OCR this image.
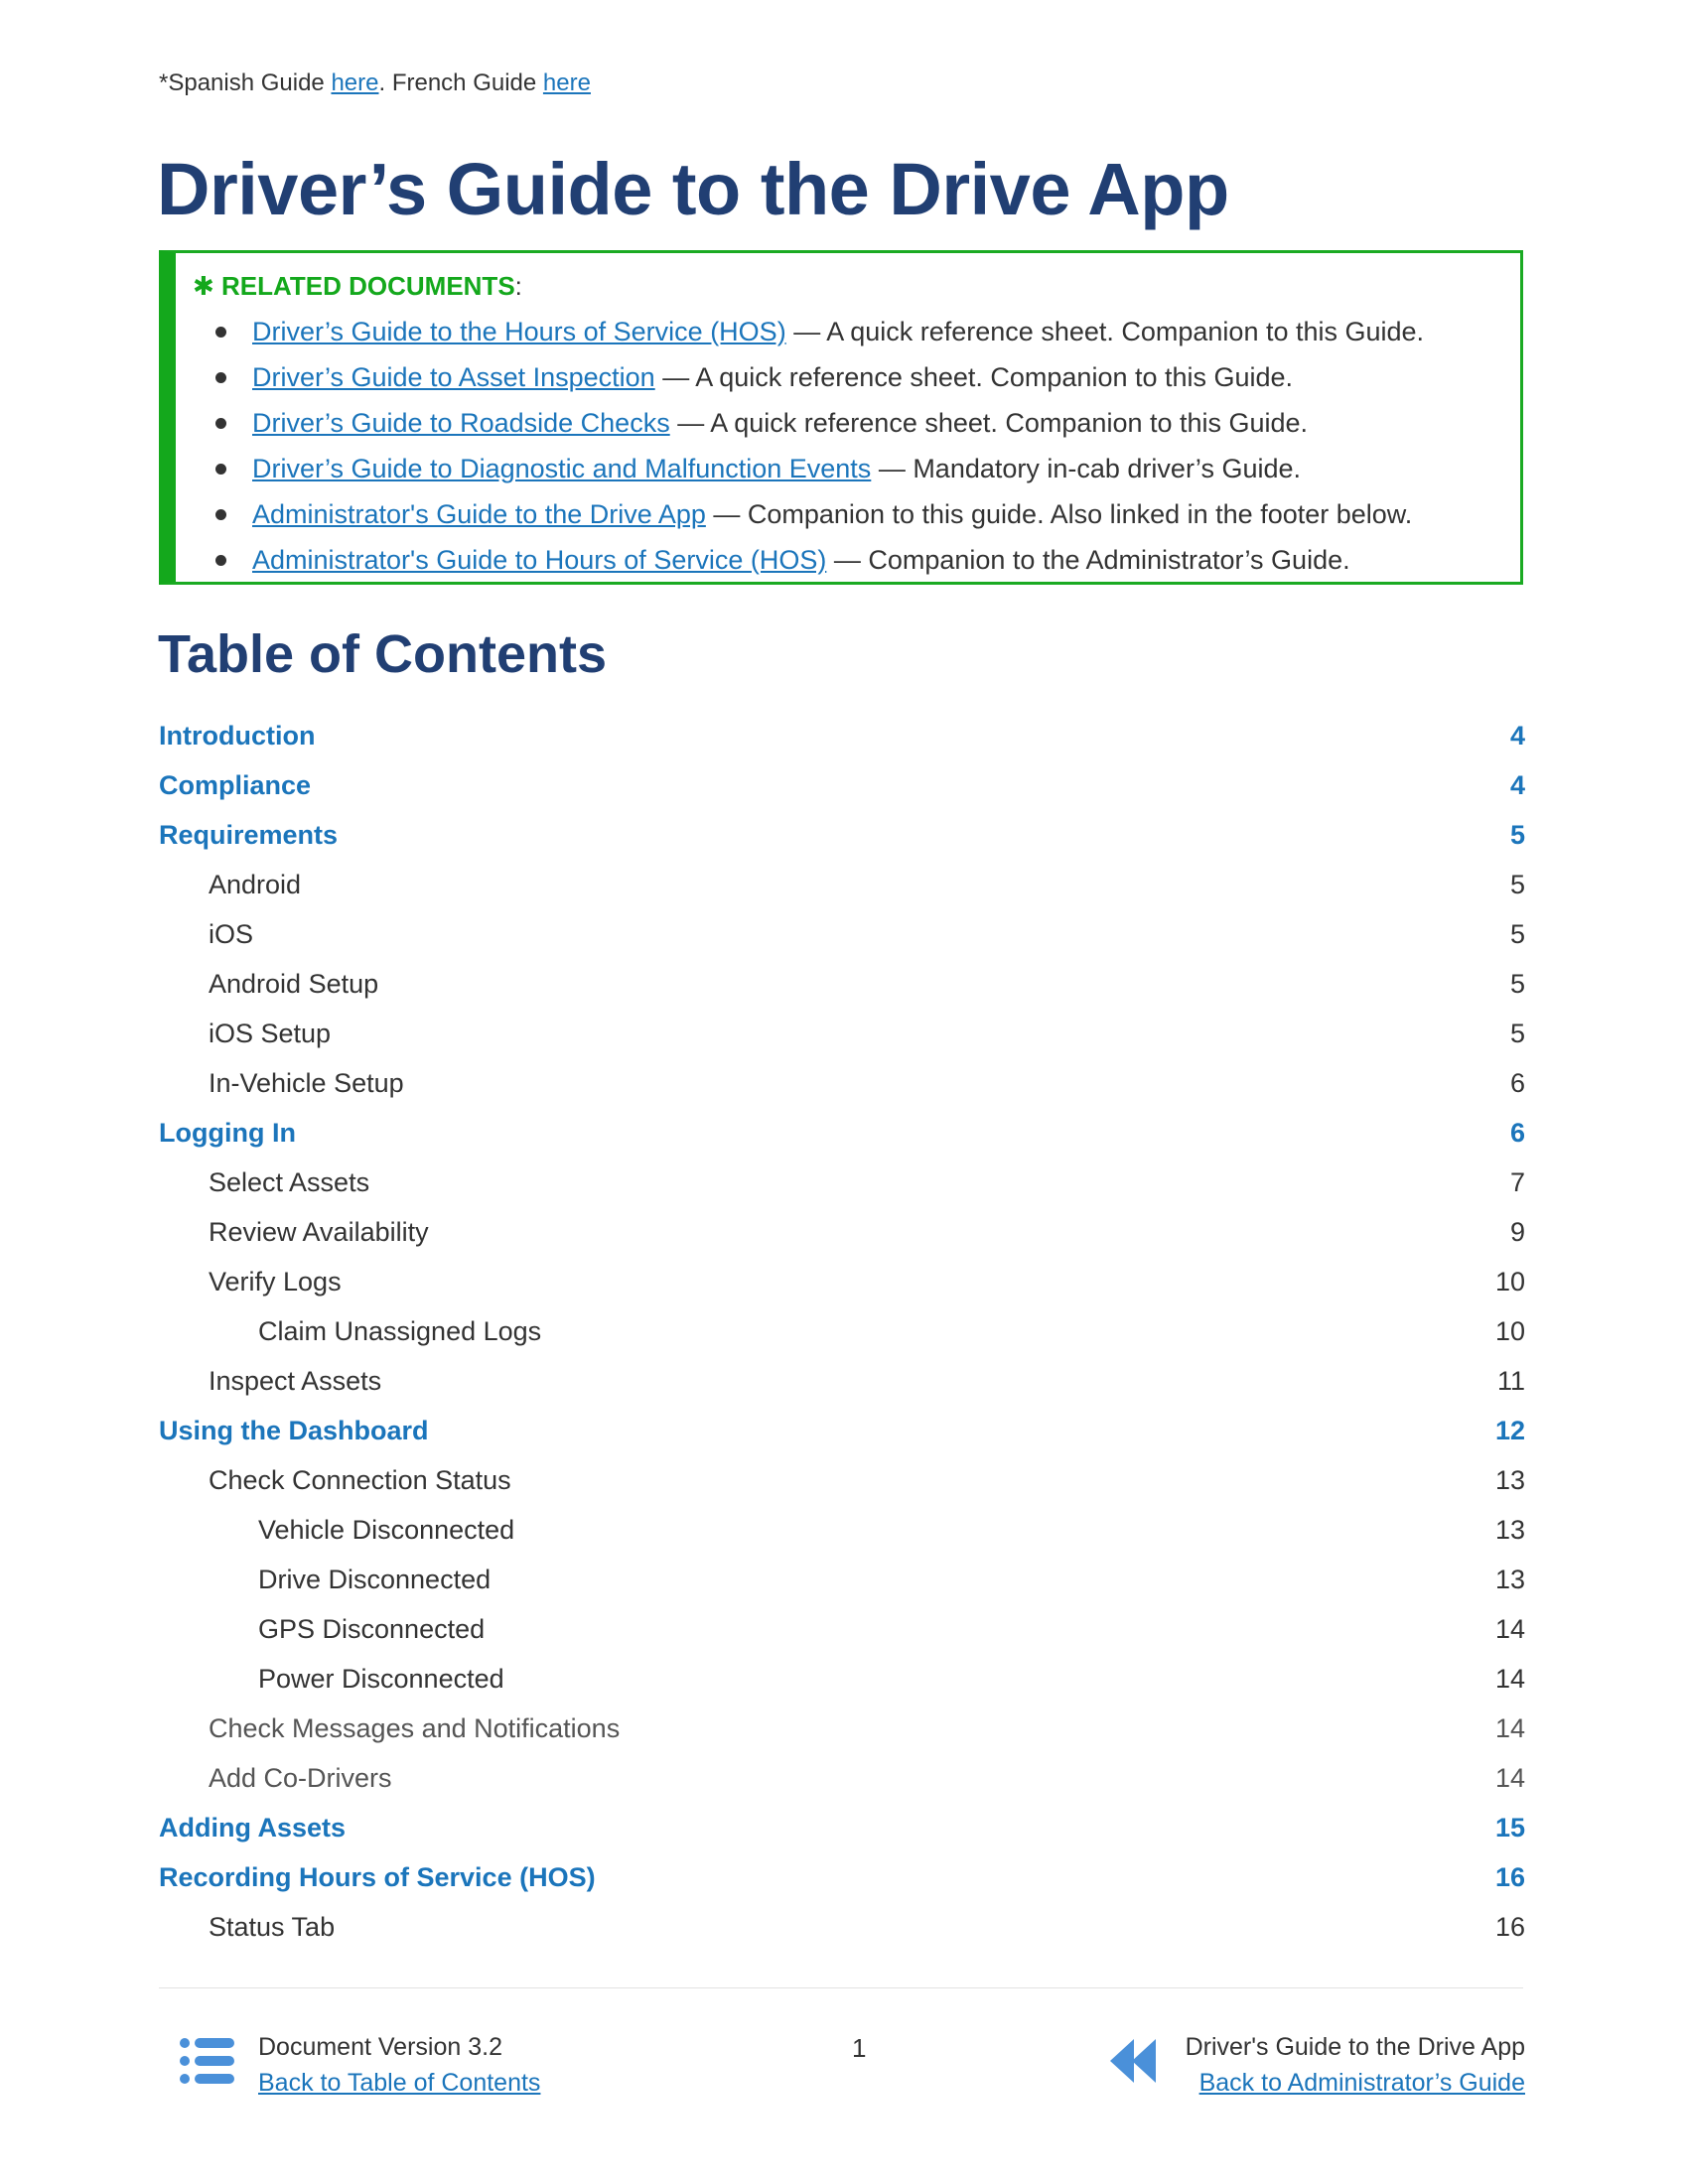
*Spanish Guide here. French Guide here
Driver’s Guide to the Drive App
✱ RELATED DOCUMENTS:
Driver’s Guide to the Hours of Service (HOS) — A quick reference sheet. Companion to this Guide.
Driver’s Guide to Asset Inspection — A quick reference sheet. Companion to this Guide.
Driver’s Guide to Roadside Checks — A quick reference sheet. Companion to this Guide.
Driver’s Guide to Diagnostic and Malfunction Events — Mandatory in-cab driver’s Guide.
Administrator's Guide to the Drive App — Companion to this guide. Also linked in the footer below.
Administrator's Guide to Hours of Service (HOS) — Companion to the Administrator’s Guide.
Table of Contents
Introduction	4
Compliance	4
Requirements	5
Android	5
iOS	5
Android Setup	5
iOS Setup	5
In-Vehicle Setup	6
Logging In	6
Select Assets	7
Review Availability	9
Verify Logs	10
Claim Unassigned Logs	10
Inspect Assets	11
Using the Dashboard	12
Check Connection Status	13
Vehicle Disconnected	13
Drive Disconnected	13
GPS Disconnected	14
Power Disconnected	14
Check Messages and Notifications	14
Add Co-Drivers	14
Adding Assets	15
Recording Hours of Service (HOS)	16
Status Tab	16
Document Version 3.2
Back to Table of Contents
1	Driver's Guide to the Drive App
Back to Administrator’s Guide
